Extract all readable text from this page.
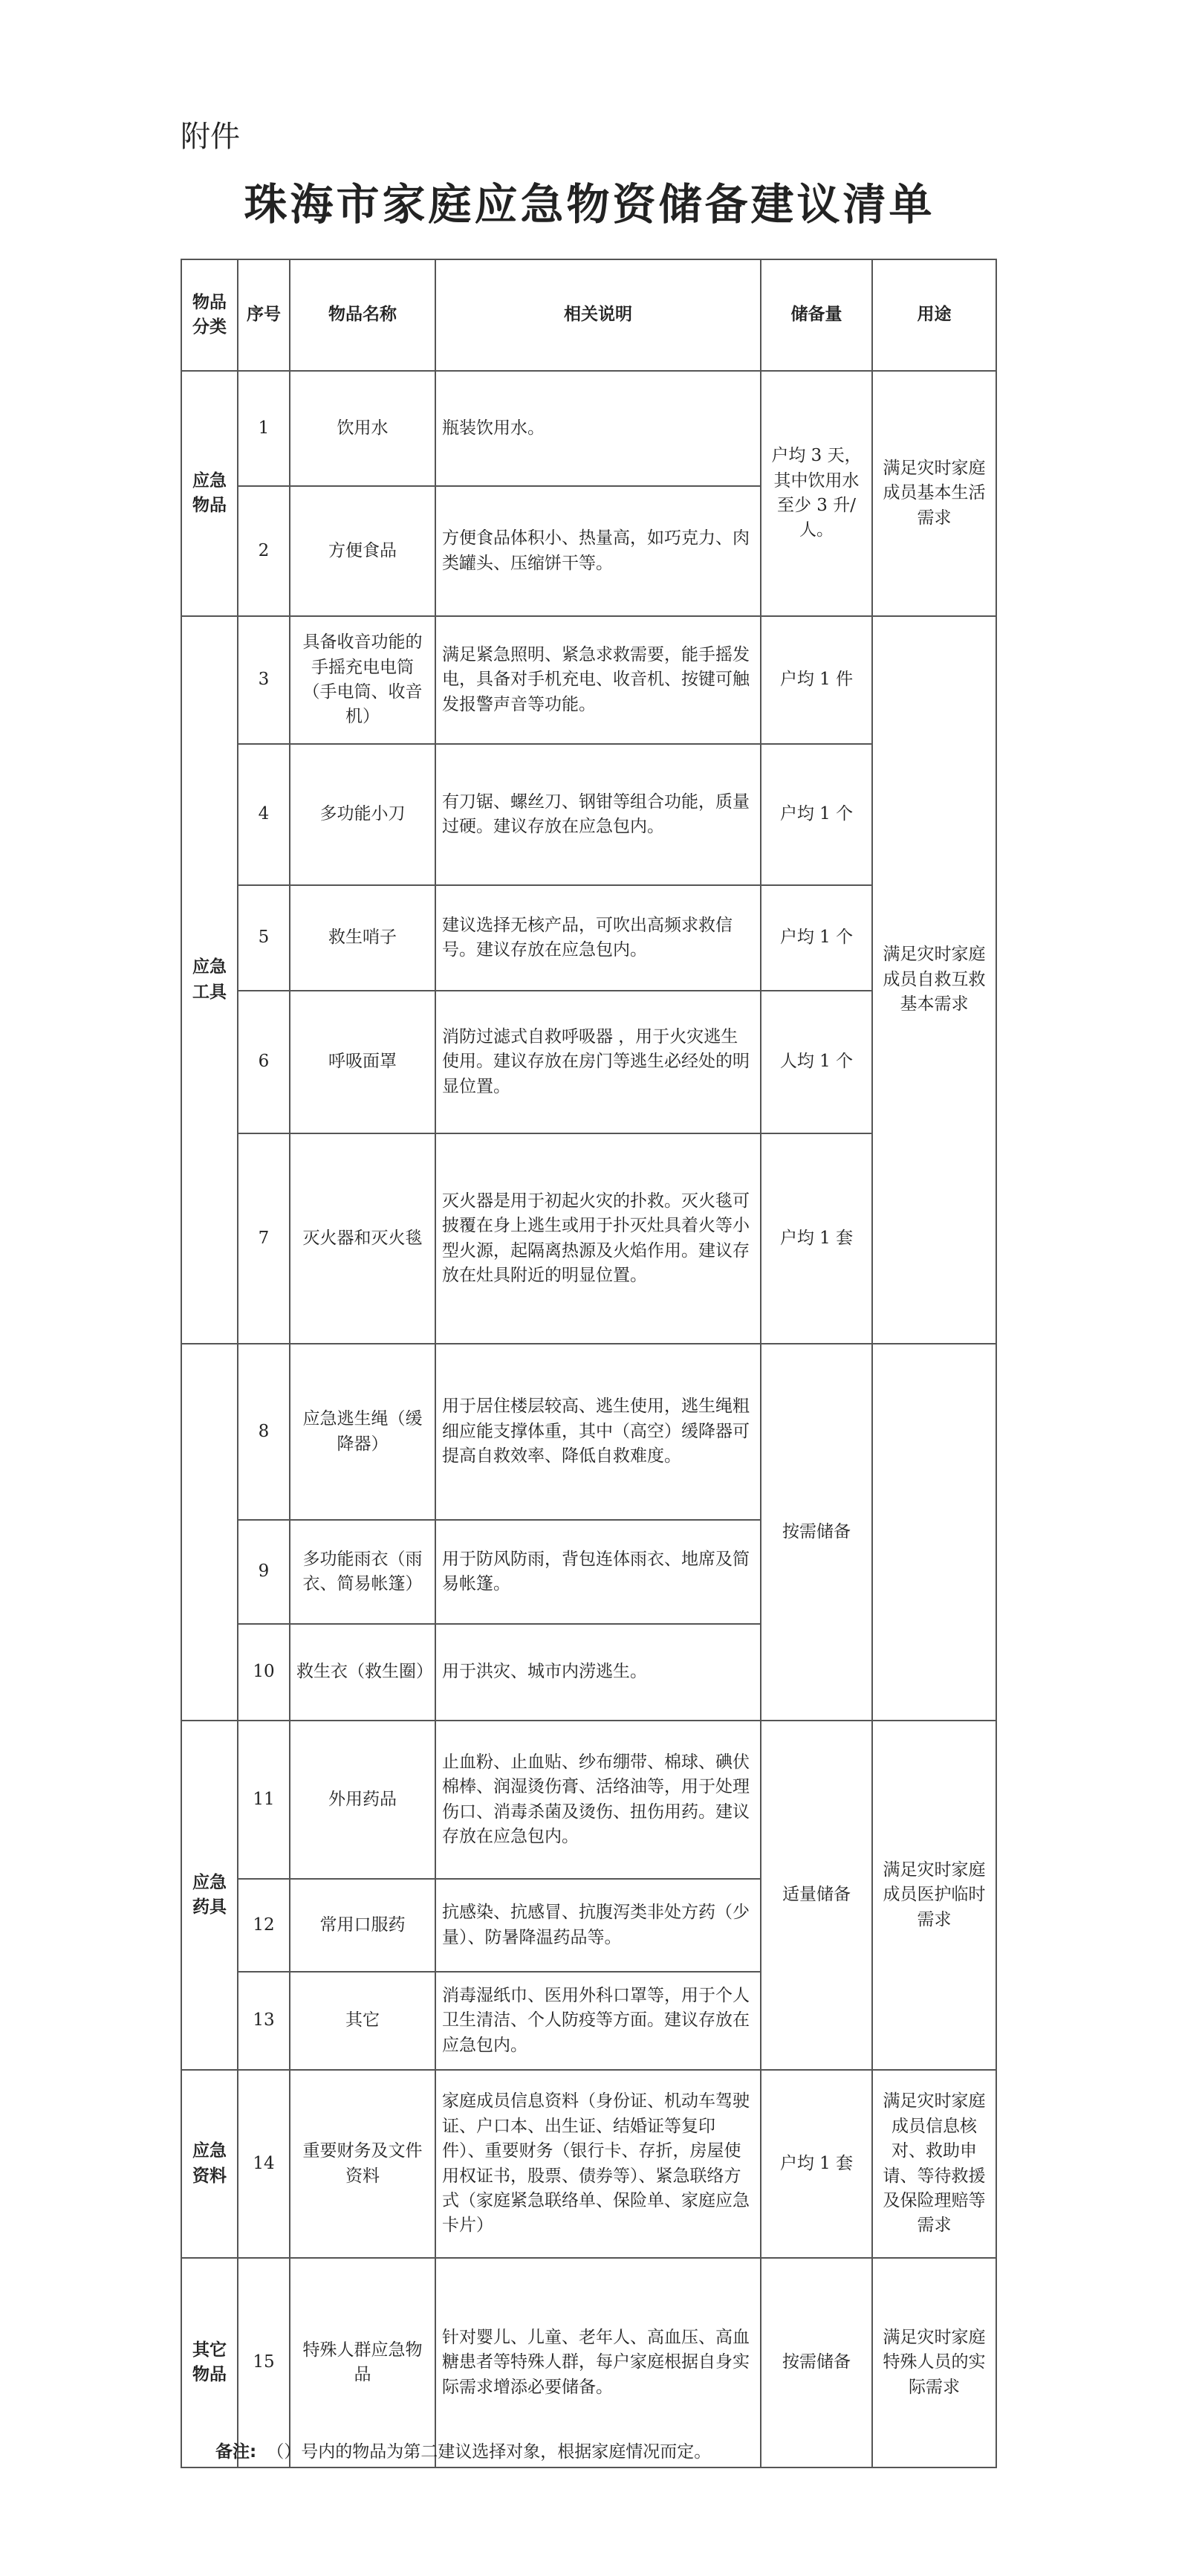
附件
珠海市家庭应急物资储备建议清单
物品分类	序号	物品名称	相关说明	储备量	用途
应急物品	1	饮用水	瓶装饮用水。	户均 3 天，其中饮用水至少 3 升/人。	满足灾时家庭成员基本生活需求
	2	方便食品	方便食品体积小、热量高，如巧克力、肉类罐头、压缩饼干等。		
应急工具	3	具备收音功能的手摇充电电筒（手电筒、收音机）	满足紧急照明、紧急求救需要，能手摇发电，具备对手机充电、收音机、按键可触发报警声音等功能。	户均 1 件	满足灾时家庭成员自救互救基本需求
	4	多功能小刀	有刀锯、螺丝刀、钢钳等组合功能，质量过硬。建议存放在应急包内。	户均 1 个	
	5	救生哨子	建议选择无核产品，可吹出高频求救信号。建议存放在应急包内。	户均 1 个	
	6	呼吸面罩	消防过滤式自救呼吸器 ，用于火灾逃生使用。建议存放在房门等逃生必经处的明显位置。	人均 1 个	
	7	灭火器和灭火毯	灭火器是用于初起火灾的扑救。灭火毯可披覆在身上逃生或用于扑灭灶具着火等小型火源，起隔离热源及火焰作用。建议存放在灶具附近的明显位置。	户均 1 套	
	8	应急逃生绳（缓降器）	用于居住楼层较高、逃生使用，逃生绳粗细应能支撑体重，其中（高空）缓降器可提高自救效率、降低自救难度。	按需储备	
	9	多功能雨衣（雨衣、简易帐篷）	用于防风防雨，背包连体雨衣、地席及简易帐篷。		
	10	救生衣（救生圈）	用于洪灾、城市内涝逃生。		
应急药具	11	外用药品	止血粉、止血贴、纱布绷带、棉球、碘伏棉棒、润湿烫伤膏、活络油等，用于处理伤口、消毒杀菌及烫伤、扭伤用药。建议存放在应急包内。	适量储备	满足灾时家庭成员医护临时需求
	12	常用口服药	抗感染、抗感冒、抗腹泻类非处方药（少量）、防暑降温药品等。		
	13	其它	消毒湿纸巾、医用外科口罩等，用于个人卫生清洁、个人防疫等方面。建议存放在应急包内。		
应急资料	14	重要财务及文件资料	家庭成员信息资料（身份证、机动车驾驶证、户口本、出生证、结婚证等复印件）、重要财务（银行卡、存折，房屋使用权证书，股票、债券等）、紧急联络方式（家庭紧急联络单、保险单、家庭应急卡片）	户均 1 套	满足灾时家庭成员信息核对、救助申请、等待救援及保险理赔等需求
其它物品	15	特殊人群应急物品	针对婴儿、儿童、老年人、高血压、高血糖患者等特殊人群，每户家庭根据自身实际需求增添必要储备。	按需储备	满足灾时家庭特殊人员的实际需求
备注: （）号内的物品为第二建议选择对象，根据家庭情况而定。
